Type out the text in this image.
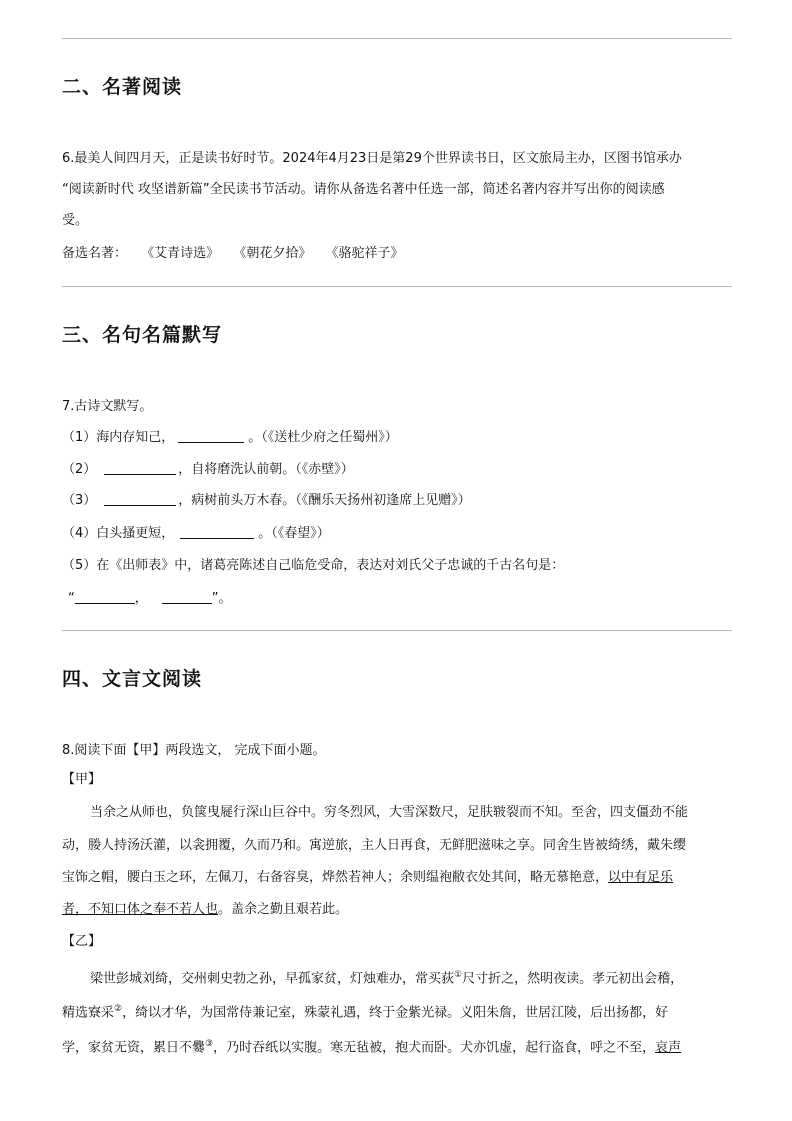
二、名著阅读
6.最美人间四月天，正是读书好时节。2024年4月23日是第29个世界读书日，区文旅局主办，区图书馆承办
“阅读新时代 攻坚谱新篇”全民读书节活动。请你从备选名著中任选一部，简述名著内容并写出你的阅读感
受。
备选名著： 《艾青诗选》 《朝花夕拾》 《骆驼祥子》
三、名句名篇默写
7.古诗文默写。
（1）海内存知己，	。（《送杜少府之任蜀州》）
（2）	，自将磨洗认前朝。（《赤壁》）
（3）	，病树前头万木春。（《酬乐天扬州初逢席上见赠》）
（4）白头搔更短，	。（《春望》）
（5）在《出师表》中，诸葛亮陈述自己临危受命，表达对刘氏父子忠诚的千古名句是：
“	，	”。
四、文言文阅读
8.阅读下面【甲】两段选文， 完成下面小题。
【甲】
当余之从师也，负箧曳屣行深山巨谷中。穷冬烈风，大雪深数尺，足肤皲裂而不知。至舍，四支僵劲不能
动，媵人持汤沃灌，以衾拥覆，久而乃和。寓逆旅，主人日再食，无鲜肥滋味之享。同舍生皆被绮绣，戴朱缨
宝饰之帽，腰白玉之环，左佩刀，右备容臭，烨然若神人；余则缊袍敝衣处其间，略无慕艳意，以中有足乐
者，不知口体之奉不若人也。盖余之勤且艰若此。
【乙】
梁世彭城刘绮，交州刺史勃之孙，早孤家贫，灯烛难办，常买荻①尺寸折之，然明夜读。孝元初出会稽，
精选寮采②，绮以才华，为国常侍兼记室，殊蒙礼遇，终于金紫光禄。义阳朱詹，世居江陵，后出扬都，好
学，家贫无资，累日不爨③，乃时吞纸以实腹。寒无毡被，抱犬而卧。犬亦饥虚，起行盗食，呼之不至，哀声
